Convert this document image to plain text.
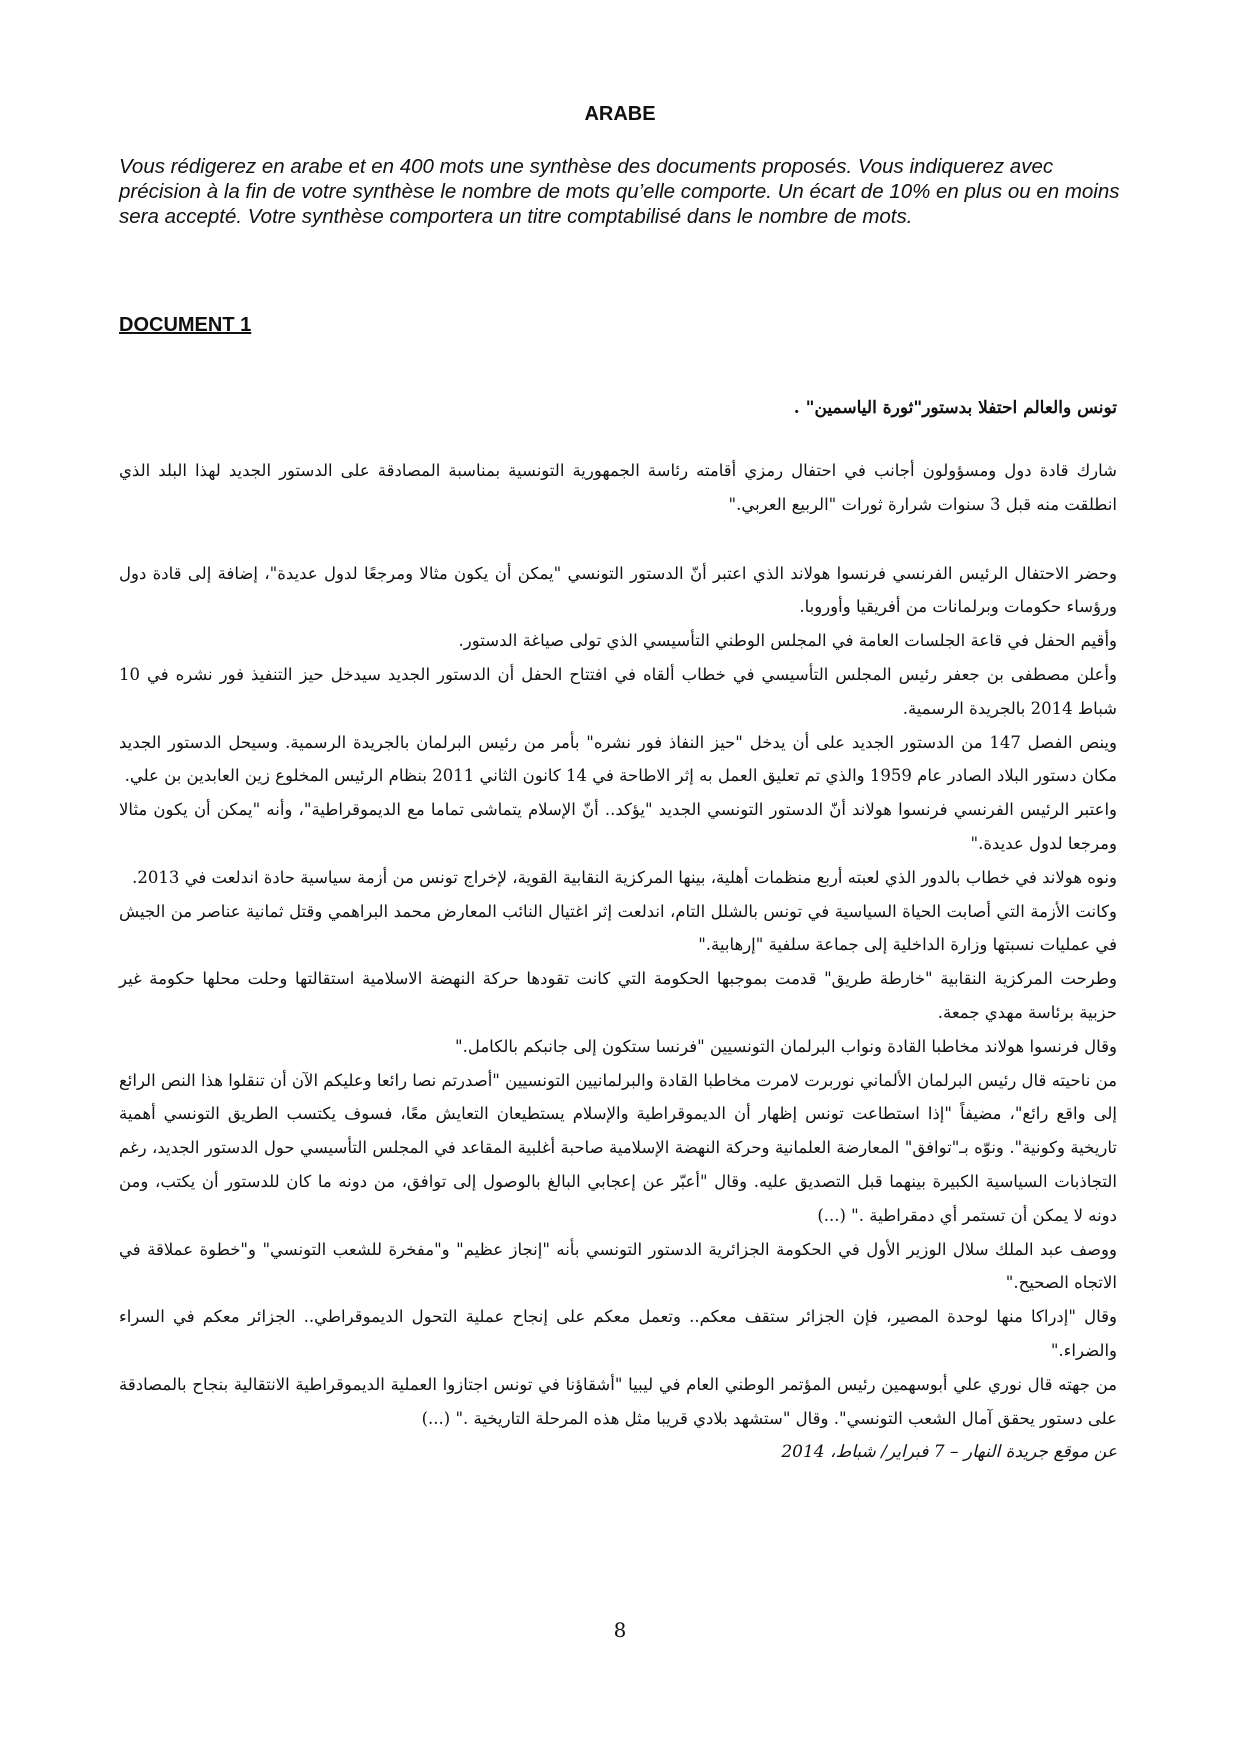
ARABE

Vous rédigerez en arabe et en 400 mots une synthèse des documents proposés. Vous indiquerez avec précision à la fin de votre synthèse le nombre de mots qu’elle comporte. Un écart de 10% en plus ou en moins sera accepté. Votre synthèse comportera un titre comptabilisé dans le nombre de mots.

DOCUMENT 1

تونس والعالم احتفلا بدستور"ثورة الياسمين" .

شارك قادة دول ومسؤولون أجانب في احتفال رمزي أقامته رئاسة الجمهورية التونسية بمناسبة المصادقة على الدستور الجديد لهذا البلد الذي انطلقت منه قبل 3 سنوات شرارة ثورات "الربيع العربي."

وحضر الاحتفال الرئيس الفرنسي فرنسوا هولاند الذي اعتبر أنّ الدستور التونسي "يمكن أن يكون مثالا ومرجعًا لدول عديدة"، إضافة إلى قادة دول ورؤساء حكومات وبرلمانات من أفريقيا وأوروبا.

وأقيم الحفل في قاعة الجلسات العامة في المجلس الوطني التأسيسي الذي تولى صياغة الدستور.

وأعلن مصطفى بن جعفر رئيس المجلس التأسيسي في خطاب ألقاه في افتتاح الحفل أن الدستور الجديد سيدخل حيز التنفيذ فور نشره في 10 شباط 2014 بالجريدة الرسمية.

وينص الفصل 147 من الدستور الجديد على أن يدخل "حيز النفاذ فور نشره" بأمر من رئيس البرلمان بالجريدة الرسمية. وسيحل الدستور الجديد مكان دستور البلاد الصادر عام 1959 والذي تم تعليق العمل به إثر الاطاحة في 14 كانون الثاني 2011 بنظام الرئيس المخلوع زين العابدين بن علي.

واعتبر الرئيس الفرنسي فرنسوا هولاند أنّ الدستور التونسي الجديد "يؤكد.. أنّ الإسلام يتماشى تماما مع الديموقراطية"، وأنه "يمكن أن يكون مثالا ومرجعا لدول عديدة."

ونوه هولاند في خطاب بالدور الذي لعبته أربع منظمات أهلية، بينها المركزية النقابية القوية، لإخراج تونس من أزمة سياسية حادة اندلعت في 2013.

وكانت الأزمة التي أصابت الحياة السياسية في تونس بالشلل التام، اندلعت إثر اغتيال النائب المعارض محمد البراهمي وقتل ثمانية عناصر من الجيش في عمليات نسبتها وزارة الداخلية إلى جماعة سلفية "إرهابية."

وطرحت المركزية النقابية "خارطة طريق" قدمت بموجبها الحكومة التي كانت تقودها حركة النهضة الاسلامية استقالتها وحلت محلها حكومة غير حزبية برئاسة مهدي جمعة.

وقال فرنسوا هولاند مخاطبا القادة ونواب البرلمان التونسيين "فرنسا ستكون إلى جانبكم بالكامل."

من ناحيته قال رئيس البرلمان الألماني نوربرت لامرت مخاطبا القادة والبرلمانيين التونسيين "أصدرتم نصا رائعا وعليكم الآن أن تنقلوا هذا النص الرائع إلى واقع رائع"، مضيفاً "إذا استطاعت تونس إظهار أن الديموقراطية والإسلام يستطيعان التعايش معًا، فسوف يكتسب الطريق التونسي أهمية تاريخية وكونية". ونوّه بـ"توافق" المعارضة العلمانية وحركة النهضة الإسلامية صاحبة أغلبية المقاعد في المجلس التأسيسي حول الدستور الجديد، رغم التجاذبات السياسية الكبيرة بينهما قبل التصديق عليه. وقال "أعبّر عن إعجابي البالغ بالوصول إلى توافق، من دونه ما كان للدستور أن يكتب، ومن دونه لا يمكن أن تستمر أي دمقراطية ." (...)

ووصف عبد الملك سلال الوزير الأول في الحكومة الجزائرية الدستور التونسي بأنه "إنجاز عظيم" و"مفخرة للشعب التونسي" و"خطوة عملاقة في الاتجاه الصحيح."

وقال "إدراكا منها لوحدة المصير، فإن الجزائر ستقف معكم.. وتعمل معكم على إنجاح عملية التحول الديموقراطي.. الجزائر معكم في السراء والضراء."

من جهته قال نوري علي أبوسهمين رئيس المؤتمر الوطني العام في ليبيا "أشقاؤنا في تونس اجتازوا العملية الديموقراطية الانتقالية بنجاح بالمصادقة على دستور يحقق آمال الشعب التونسي". وقال "ستشهد بلادي قريبا مثل هذه المرحلة التاريخية ." (...)

عن موقع جريدة النهار – 7 فبراير/ شباط، 2014
8
